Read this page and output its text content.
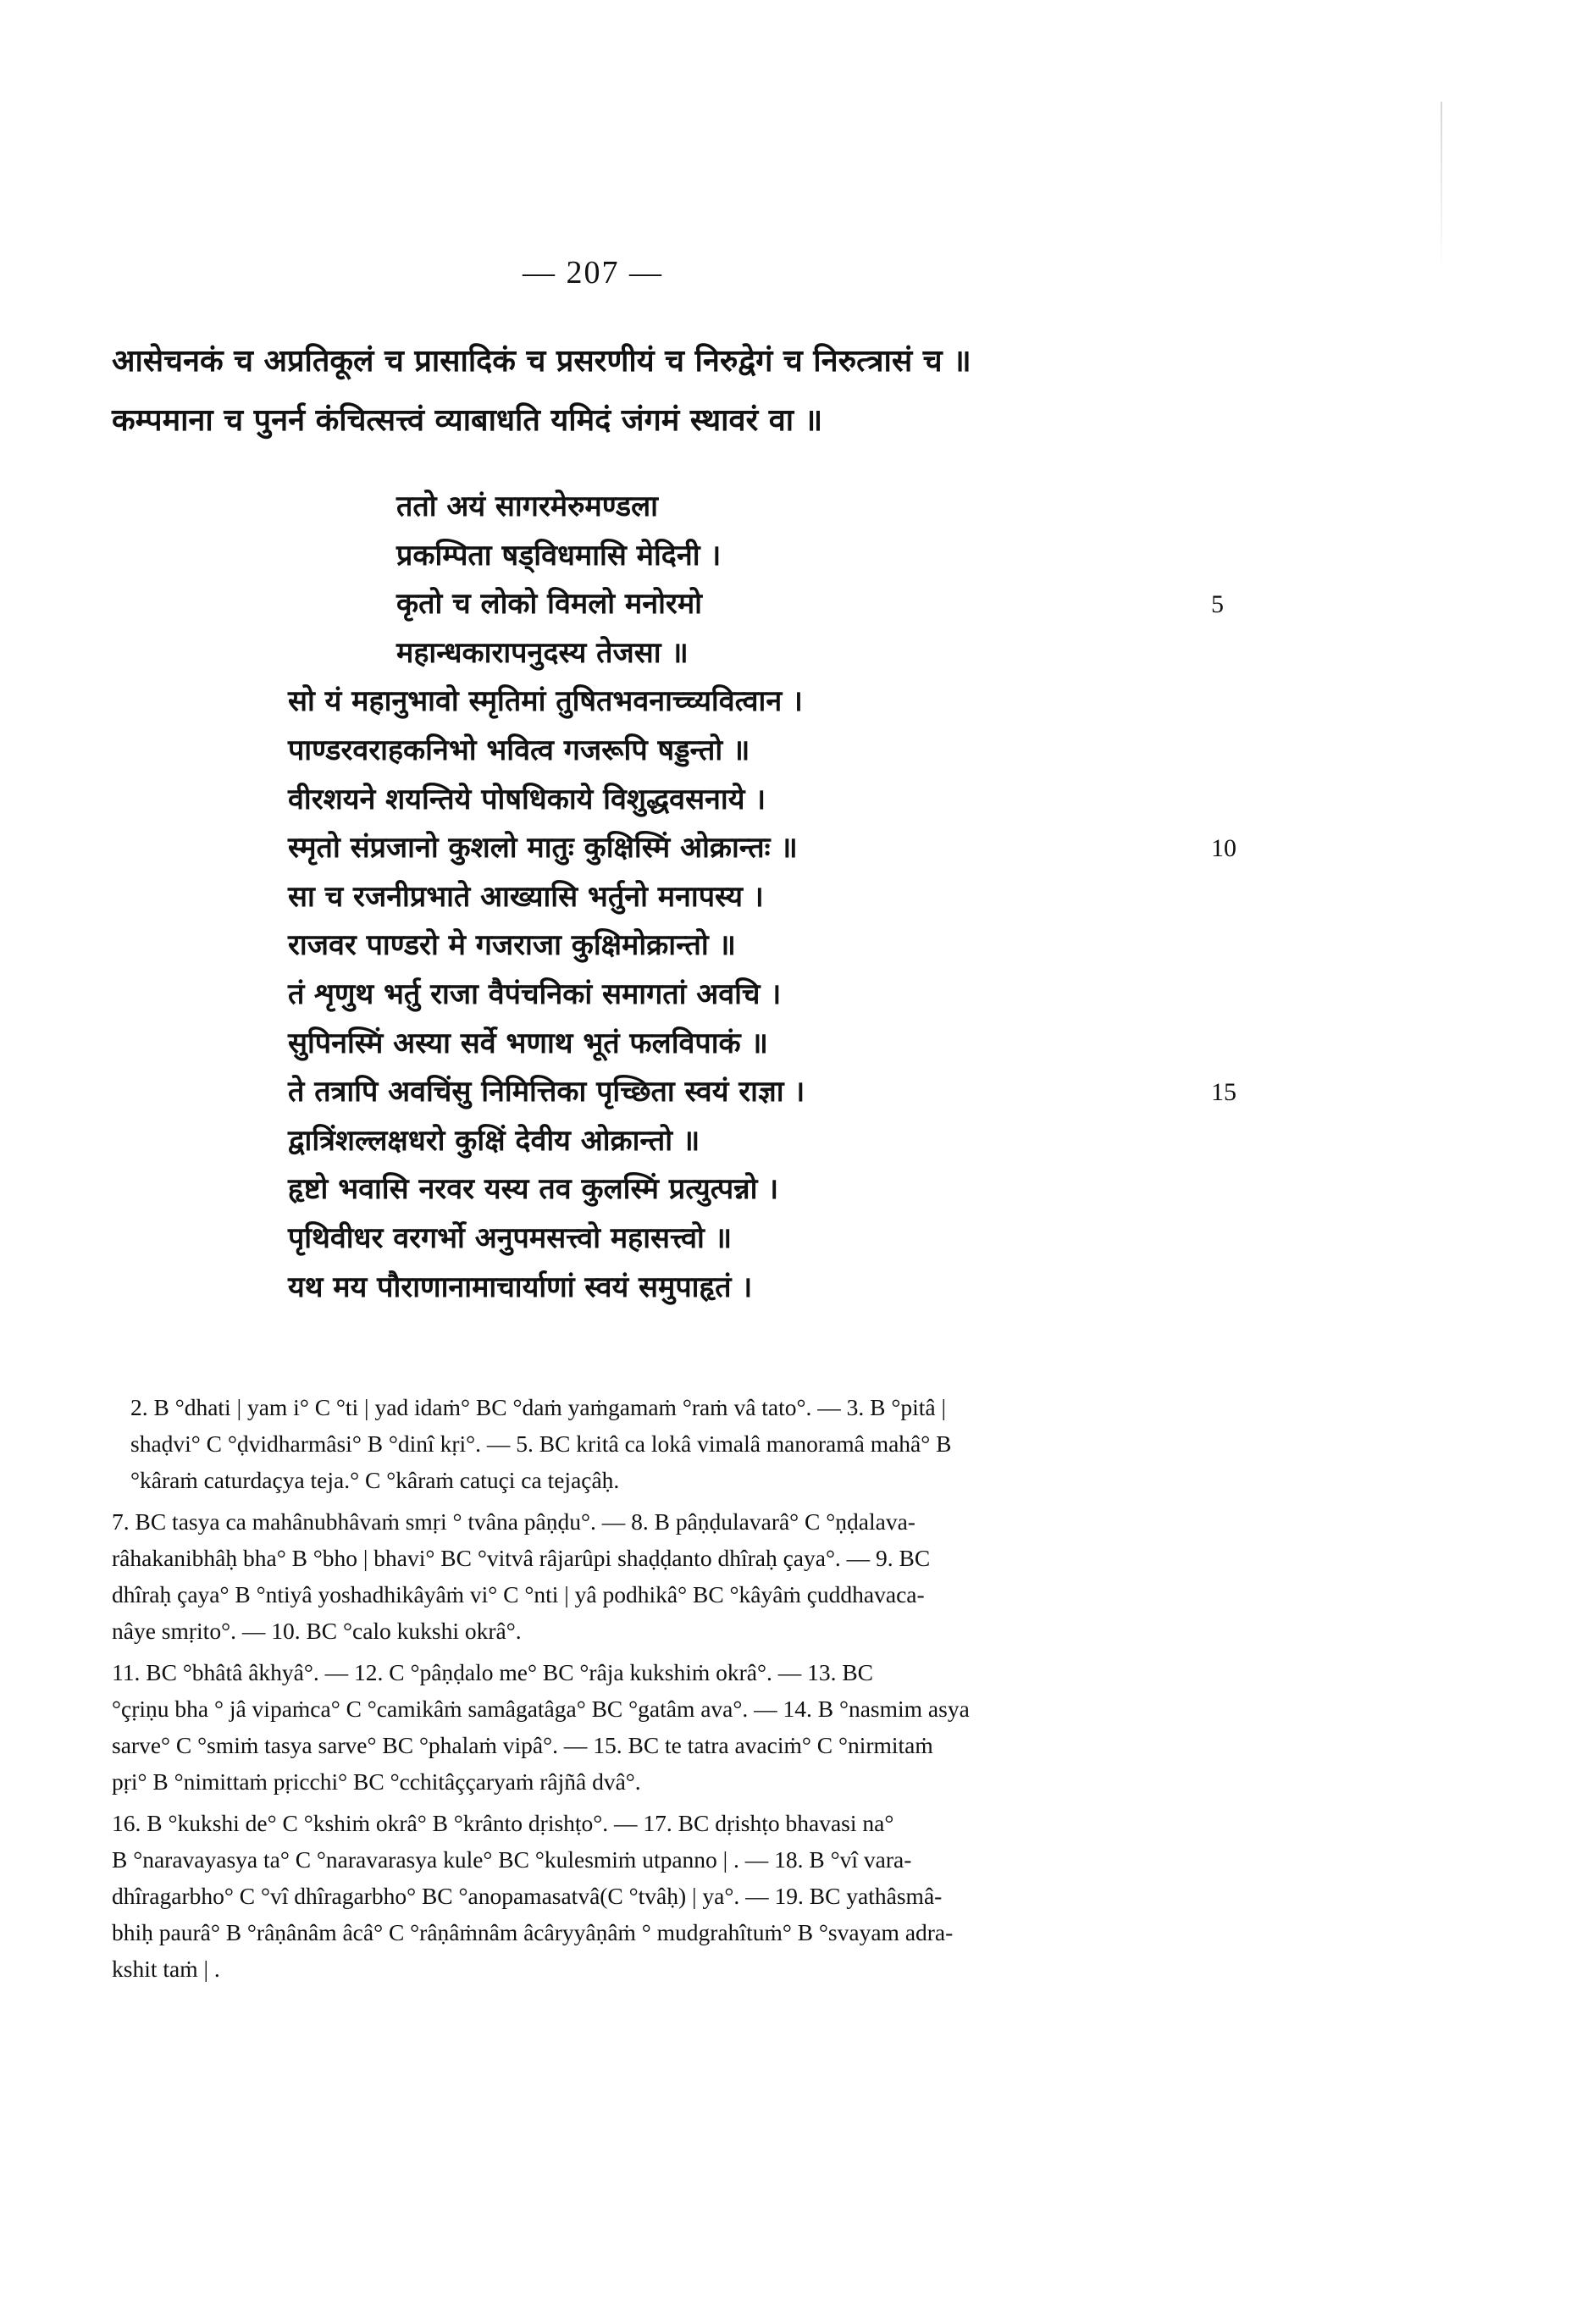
— 207 —
आसेचनकं च अप्रतिकूलं च प्रासादिकं च प्रसरणीयं च निरुद्वेगं च निरुत्त्रासं च ॥
कम्पमाना च पुनर्न कंचित्सत्त्वं व्याबाधति यमिदं जंगमं स्थावरं वा ॥
ततो अयं सागरमेरुमण्डला
प्रकम्पिता षड्विधमासि मेदिनी ।
कृतो च लोको विमलो मनोरमो	5
महान्धकारापनुदस्य तेजसा ॥
सो यं महानुभावो स्मृतिमां तुषितभवनाच्च्यवित्वान ।
पाण्डरवराहकनिभो भवित्व गजरूपि षड्डन्तो ॥
वीरशयने शयन्तिये पोषधिकाये विशुद्धवसनाये ।
स्मृतो संप्रजानो कुशलो मातुः कुक्षिस्मिं ओक्रान्तः ॥	10
सा च रजनीप्रभाते आख्यासि भर्तुनो मनापस्य ।
राजवर पाण्डरो मे गजराजा कुक्षिमोक्रान्तो ॥
तं शृणुथ भर्तु राजा वैपंचनिकां समागतां अवचि ।
सुपिनस्मिं अस्या सर्वे भणाथ भूतं फलविपाकं ॥
ते तत्रापि अवचिंसु निमित्तिका पृच्छिता स्वयं राज्ञा ।	15
द्वात्रिंशल्लक्षधरो कुक्षिं देवीय ओक्रान्तो ॥
हृष्टो भवासि नरवर यस्य तव कुलस्मिं प्रत्युत्पन्नो ।
पृथिवीधर वरगर्भो अनुपमसत्त्वो महासत्त्वो ॥
यथ मय पौराणानामाचार्याणां स्वयं समुपाहृतं ।
2. B °dhati | yam i° C °ti | yad idaṁ° BC °daṁ yaṁgamaṁ °raṁ vâ tato°. — 3. B °pitâ |
shaḍvi° C °ḍvidharmâsi° B °dinî kṛi°. — 5. BC kritâ ca lokâ vimalâ manoramâ mahâ° B
°kâraṁ caturdaçya teja.° C °kâraṁ catuçi ca tejaçâḥ.
7. BC tasya ca mahânubhâvaṁ smṛi ° tvâna pâṇḍu°. — 8. B pâṇḍulavarâ° C °ṇḍalava-
râhakanibhâḥ bha° B °bho | bhavi° BC °vitvâ râjarûpi shaḍḍanto dhîraḥ çaya°. — 9. BC
dhîraḥ çaya° B °ntiyâ yoshadhikâyâṁ vi° C °nti | yâ podhikâ° BC °kâyâṁ çuddhavaca-
nâye smṛito°. — 10. BC °calo kukshi okrâ°.
11. BC °bhâtâ âkhyâ°. — 12. C °pâṇḍalo me° BC °râja kukshiṁ okrâ°. — 13. BC
°çṛiṇu bha ° jâ vipaṁca° C °camikâṁ samâgatâga° BC °gatâm ava°. — 14. B °nasmim asya
sarve° C °smiṁ tasya sarve° BC °phalaṁ vipâ°. — 15. BC te tatra avaciṁ° C °nirmitaṁ
pṛi° B °nimittaṁ pṛicchi° BC °cchitâççaryaṁ râjñâ dvâ°.
16. B °kukshi de° C °kshiṁ okrâ° B °krânto dṛishṭo°. — 17. BC dṛishṭo bhavasi na°
B °naravayasya ta° C °naravarasya kule° BC °kulesmiṁ utpanno | . — 18. B °vî vara-
dhîragarbho° C °vî dhîragarbho° BC °anopamasatvâ(C °tvâḥ) | ya°. — 19. BC yathâsmâ-
bhiḥ paurâ° B °râṇânâm âcâ° C °râṇâṁnâm âcâryyâṇâṁ ° mudgrahîtuṁ° B °svayam adra-
kshit taṁ | .
